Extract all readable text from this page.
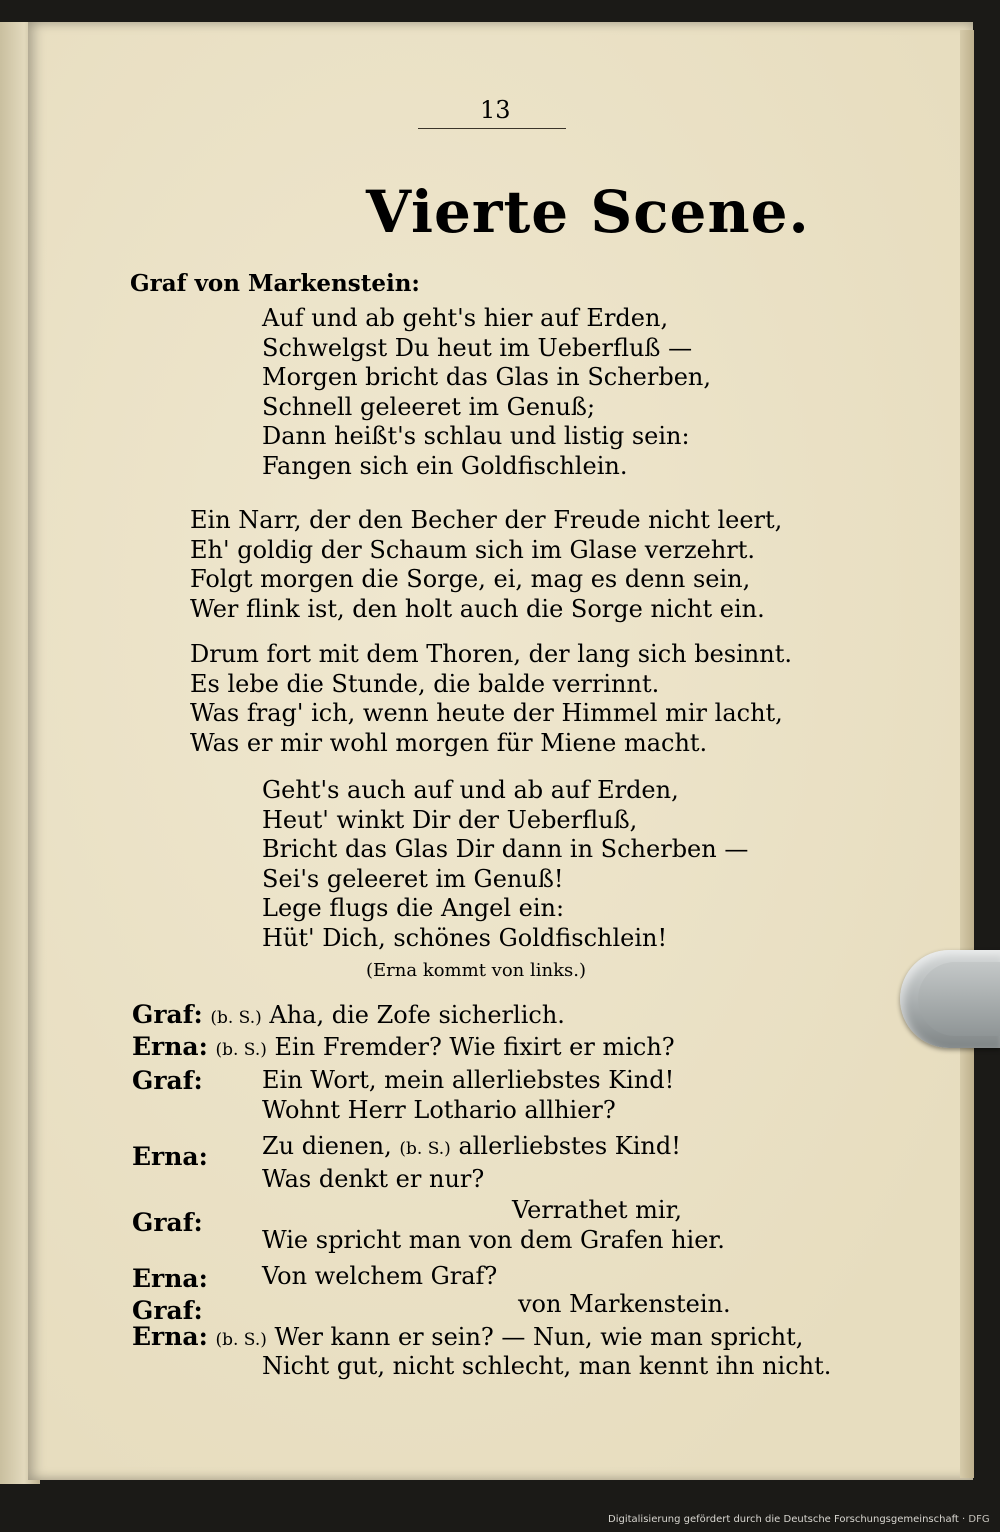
13
Vierte Scene.
Graf von Markenstein:
Auf und ab geht's hier auf Erden,
Schwelgst Du heut im Ueberfluß —
Morgen bricht das Glas in Scherben,
Schnell geleeret im Genuß;
Dann heißt's schlau und listig sein:
Fangen sich ein Goldfischlein.
Ein Narr, der den Becher der Freude nicht leert,
Eh' goldig der Schaum sich im Glase verzehrt.
Folgt morgen die Sorge, ei, mag es denn sein,
Wer flink ist, den holt auch die Sorge nicht ein.
Drum fort mit dem Thoren, der lang sich besinnt.
Es lebe die Stunde, die balde verrinnt.
Was frag' ich, wenn heute der Himmel mir lacht,
Was er mir wohl morgen für Miene macht.
Geht's auch auf und ab auf Erden,
Heut' winkt Dir der Ueberfluß,
Bricht das Glas Dir dann in Scherben —
Sei's geleeret im Genuß!
Lege flugs die Angel ein:
Hüt' Dich, schönes Goldfischlein!
(Erna kommt von links.)
Graf: (b. S.) Aha, die Zofe sicherlich.
Erna: (b. S.) Ein Fremder? Wie fixirt er mich?
Graf: Ein Wort, mein allerliebstes Kind!
Wohnt Herr Lothario allhier?
Erna: Zu dienen, (b. S.) allerliebstes Kind!
Was denkt er nur?
Verrathet mir,
Graf:
Wie spricht man von dem Grafen hier.
Erna: Von welchem Graf?
Graf:	von Markenstein.
Erna: (b. S.) Wer kann er sein? — Nun, wie man spricht,
Nicht gut, nicht schlecht, man kennt ihn nicht.
Digitalisierung gefördert durch die Deutsche Forschungsgemeinschaft · DFG
